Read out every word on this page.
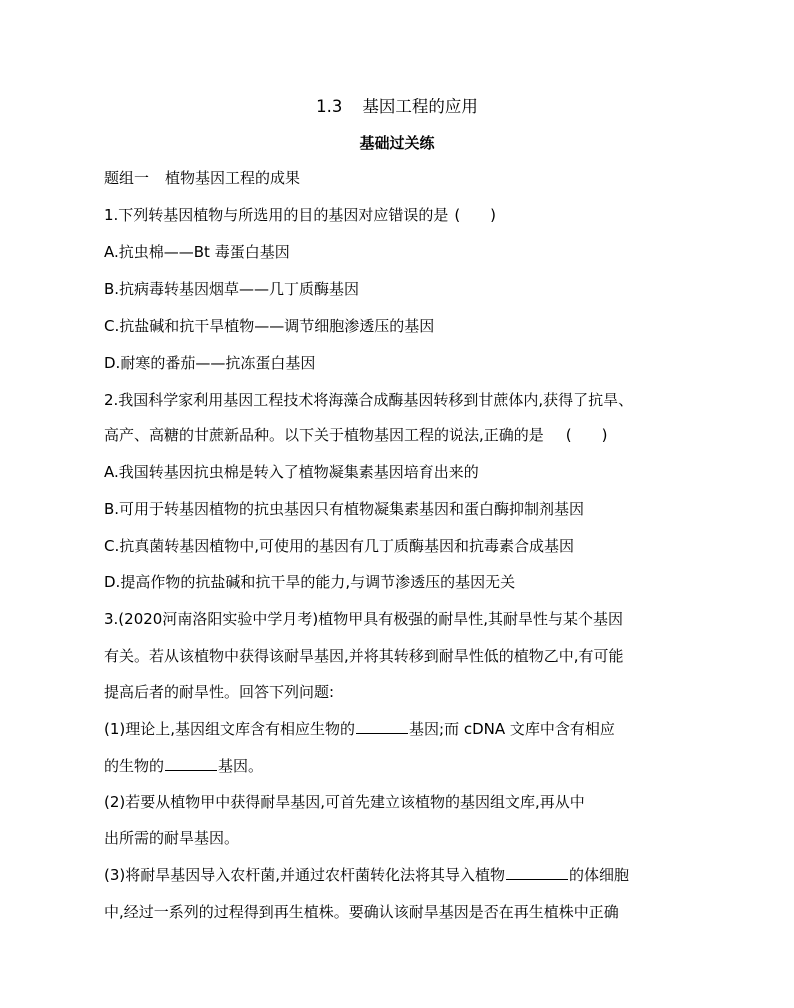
1.3 基因工程的应用
基础过关练
题组一 植物基因工程的成果
1.下列转基因植物与所选用的目的基因对应错误的是 (　　)
A.抗虫棉——Bt 毒蛋白基因
B.抗病毒转基因烟草——几丁质酶基因
C.抗盐碱和抗干旱植物——调节细胞渗透压的基因
D.耐寒的番茄——抗冻蛋白基因
2.我国科学家利用基因工程技术将海藻合成酶基因转移到甘蔗体内,获得了抗旱、
高产、高糖的甘蔗新品种。以下关于植物基因工程的说法,正确的是 (　　)
A.我国转基因抗虫棉是转入了植物凝集素基因培育出来的
B.可用于转基因植物的抗虫基因只有植物凝集素基因和蛋白酶抑制剂基因
C.抗真菌转基因植物中,可使用的基因有几丁质酶基因和抗毒素合成基因
D.提高作物的抗盐碱和抗干旱的能力,与调节渗透压的基因无关
3.(2020河南洛阳实验中学月考)植物甲具有极强的耐旱性,其耐旱性与某个基因
有关。若从该植物中获得该耐旱基因,并将其转移到耐旱性低的植物乙中,有可能
提高后者的耐旱性。回答下列问题:
(1)理论上,基因组文库含有相应生物的	基因;而 cDNA 文库中含有相应
的生物的	基因。
(2)若要从植物甲中获得耐旱基因,可首先建立该植物的基因组文库,再从中
出所需的耐旱基因。
(3)将耐旱基因导入农杆菌,并通过农杆菌转化法将其导入植物	的体细胞
中,经过一系列的过程得到再生植株。要确认该耐旱基因是否在再生植株中正确
